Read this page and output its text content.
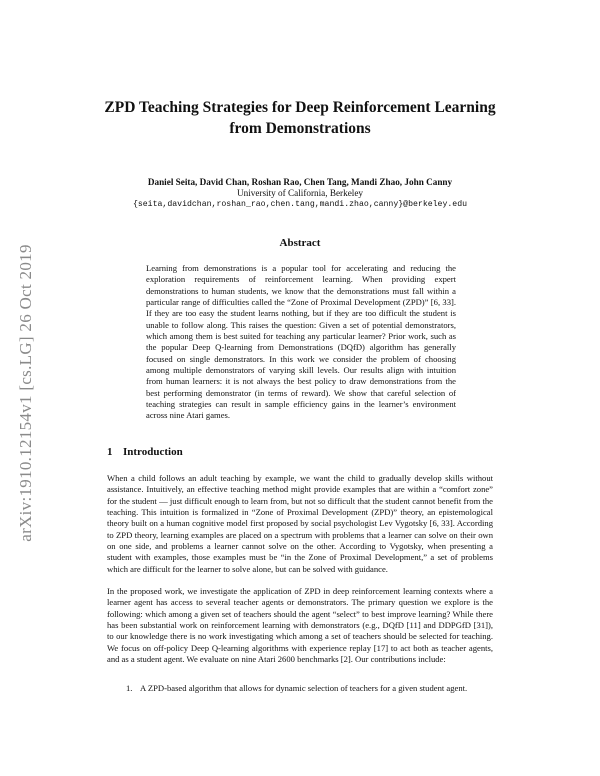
arXiv:1910.12154v1 [cs.LG] 26 Oct 2019
ZPD Teaching Strategies for Deep Reinforcement Learning from Demonstrations
Daniel Seita, David Chan, Roshan Rao, Chen Tang, Mandi Zhao, John Canny
University of California, Berkeley
{seita,davidchan,roshan_rao,chen.tang,mandi.zhao,canny}@berkeley.edu
Abstract
Learning from demonstrations is a popular tool for accelerating and reducing the exploration requirements of reinforcement learning. When providing expert demonstrations to human students, we know that the demonstrations must fall within a particular range of difficulties called the “Zone of Proximal Development (ZPD)” [6, 33]. If they are too easy the student learns nothing, but if they are too difficult the student is unable to follow along. This raises the question: Given a set of potential demonstrators, which among them is best suited for teaching any particular learner? Prior work, such as the popular Deep Q-learning from Demonstrations (DQfD) algorithm has generally focused on single demonstrators. In this work we consider the problem of choosing among multiple demonstrators of varying skill levels. Our results align with intuition from human learners: it is not always the best policy to draw demonstrations from the best performing demonstrator (in terms of reward). We show that careful selection of teaching strategies can result in sample efficiency gains in the learner’s environment across nine Atari games.
1 Introduction
When a child follows an adult teaching by example, we want the child to gradually develop skills without assistance. Intuitively, an effective teaching method might provide examples that are within a “comfort zone” for the student — just difficult enough to learn from, but not so difficult that the student cannot benefit from the teaching. This intuition is formalized in “Zone of Proximal Development (ZPD)” theory, an epistemological theory built on a human cognitive model first proposed by social psychologist Lev Vygotsky [6, 33]. According to ZPD theory, learning examples are placed on a spectrum with problems that a learner can solve on their own on one side, and problems a learner cannot solve on the other. According to Vygotsky, when presenting a student with examples, those examples must be “in the Zone of Proximal Development,” a set of problems which are difficult for the learner to solve alone, but can be solved with guidance.
In the proposed work, we investigate the application of ZPD in deep reinforcement learning contexts where a learner agent has access to several teacher agents or demonstrators. The primary question we explore is the following: which among a given set of teachers should the agent “select” to best improve learning? While there has been substantial work on reinforcement learning with demonstrators (e.g., DQfD [11] and DDPGfD [31]), to our knowledge there is no work investigating which among a set of teachers should be selected for teaching. We focus on off-policy Deep Q-learning algorithms with experience replay [17] to act both as teacher agents, and as a student agent. We evaluate on nine Atari 2600 benchmarks [2]. Our contributions include:
1. A ZPD-based algorithm that allows for dynamic selection of teachers for a given student agent.
